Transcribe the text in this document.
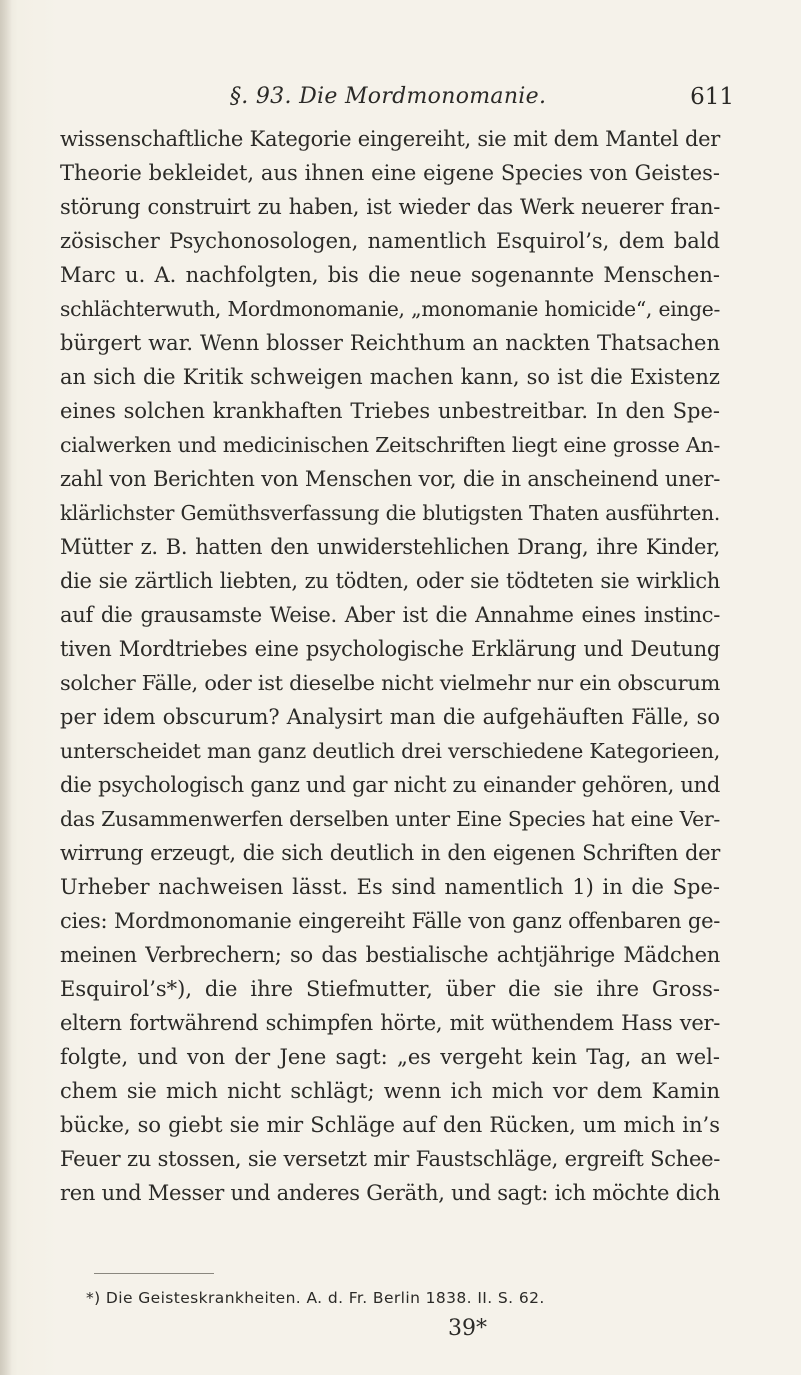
§. 93. Die Mordmonomanie.	611
wissenschaftliche Kategorie eingereiht, sie mit dem Mantel der
Theorie bekleidet, aus ihnen eine eigene Species von Geistes-
störung construirt zu haben, ist wieder das Werk neuerer fran-
zösischer Psychonosologen, namentlich Esquirol’s, dem bald
Marc u. A. nachfolgten, bis die neue sogenannte Menschen-
schlächterwuth, Mordmonomanie, „monomanie homicide“, einge-
bürgert war. Wenn blosser Reichthum an nackten Thatsachen
an sich die Kritik schweigen machen kann, so ist die Existenz
eines solchen krankhaften Triebes unbestreitbar. In den Spe-
cialwerken und medicinischen Zeitschriften liegt eine grosse An-
zahl von Berichten von Menschen vor, die in anscheinend uner-
klärlichster Gemüthsverfassung die blutigsten Thaten ausführten.
Mütter z. B. hatten den unwiderstehlichen Drang, ihre Kinder,
die sie zärtlich liebten, zu tödten, oder sie tödteten sie wirklich
auf die grausamste Weise. Aber ist die Annahme eines instinc-
tiven Mordtriebes eine psychologische Erklärung und Deutung
solcher Fälle, oder ist dieselbe nicht vielmehr nur ein obscurum
per idem obscurum? Analysirt man die aufgehäuften Fälle, so
unterscheidet man ganz deutlich drei verschiedene Kategorieen,
die psychologisch ganz und gar nicht zu einander gehören, und
das Zusammenwerfen derselben unter Eine Species hat eine Ver-
wirrung erzeugt, die sich deutlich in den eigenen Schriften der
Urheber nachweisen lässt. Es sind namentlich 1) in die Spe-
cies: Mordmonomanie eingereiht Fälle von ganz offenbaren ge-
meinen Verbrechern; so das bestialische achtjährige Mädchen
Esquirol’s*), die ihre Stiefmutter, über die sie ihre Gross-
eltern fortwährend schimpfen hörte, mit wüthendem Hass ver-
folgte, und von der Jene sagt: „es vergeht kein Tag, an wel-
chem sie mich nicht schlägt; wenn ich mich vor dem Kamin
bücke, so giebt sie mir Schläge auf den Rücken, um mich in’s
Feuer zu stossen, sie versetzt mir Faustschläge, ergreift Schee-
ren und Messer und anderes Geräth, und sagt: ich möchte dich
*) Die Geisteskrankheiten. A. d. Fr. Berlin 1838. II. S. 62.
39*
